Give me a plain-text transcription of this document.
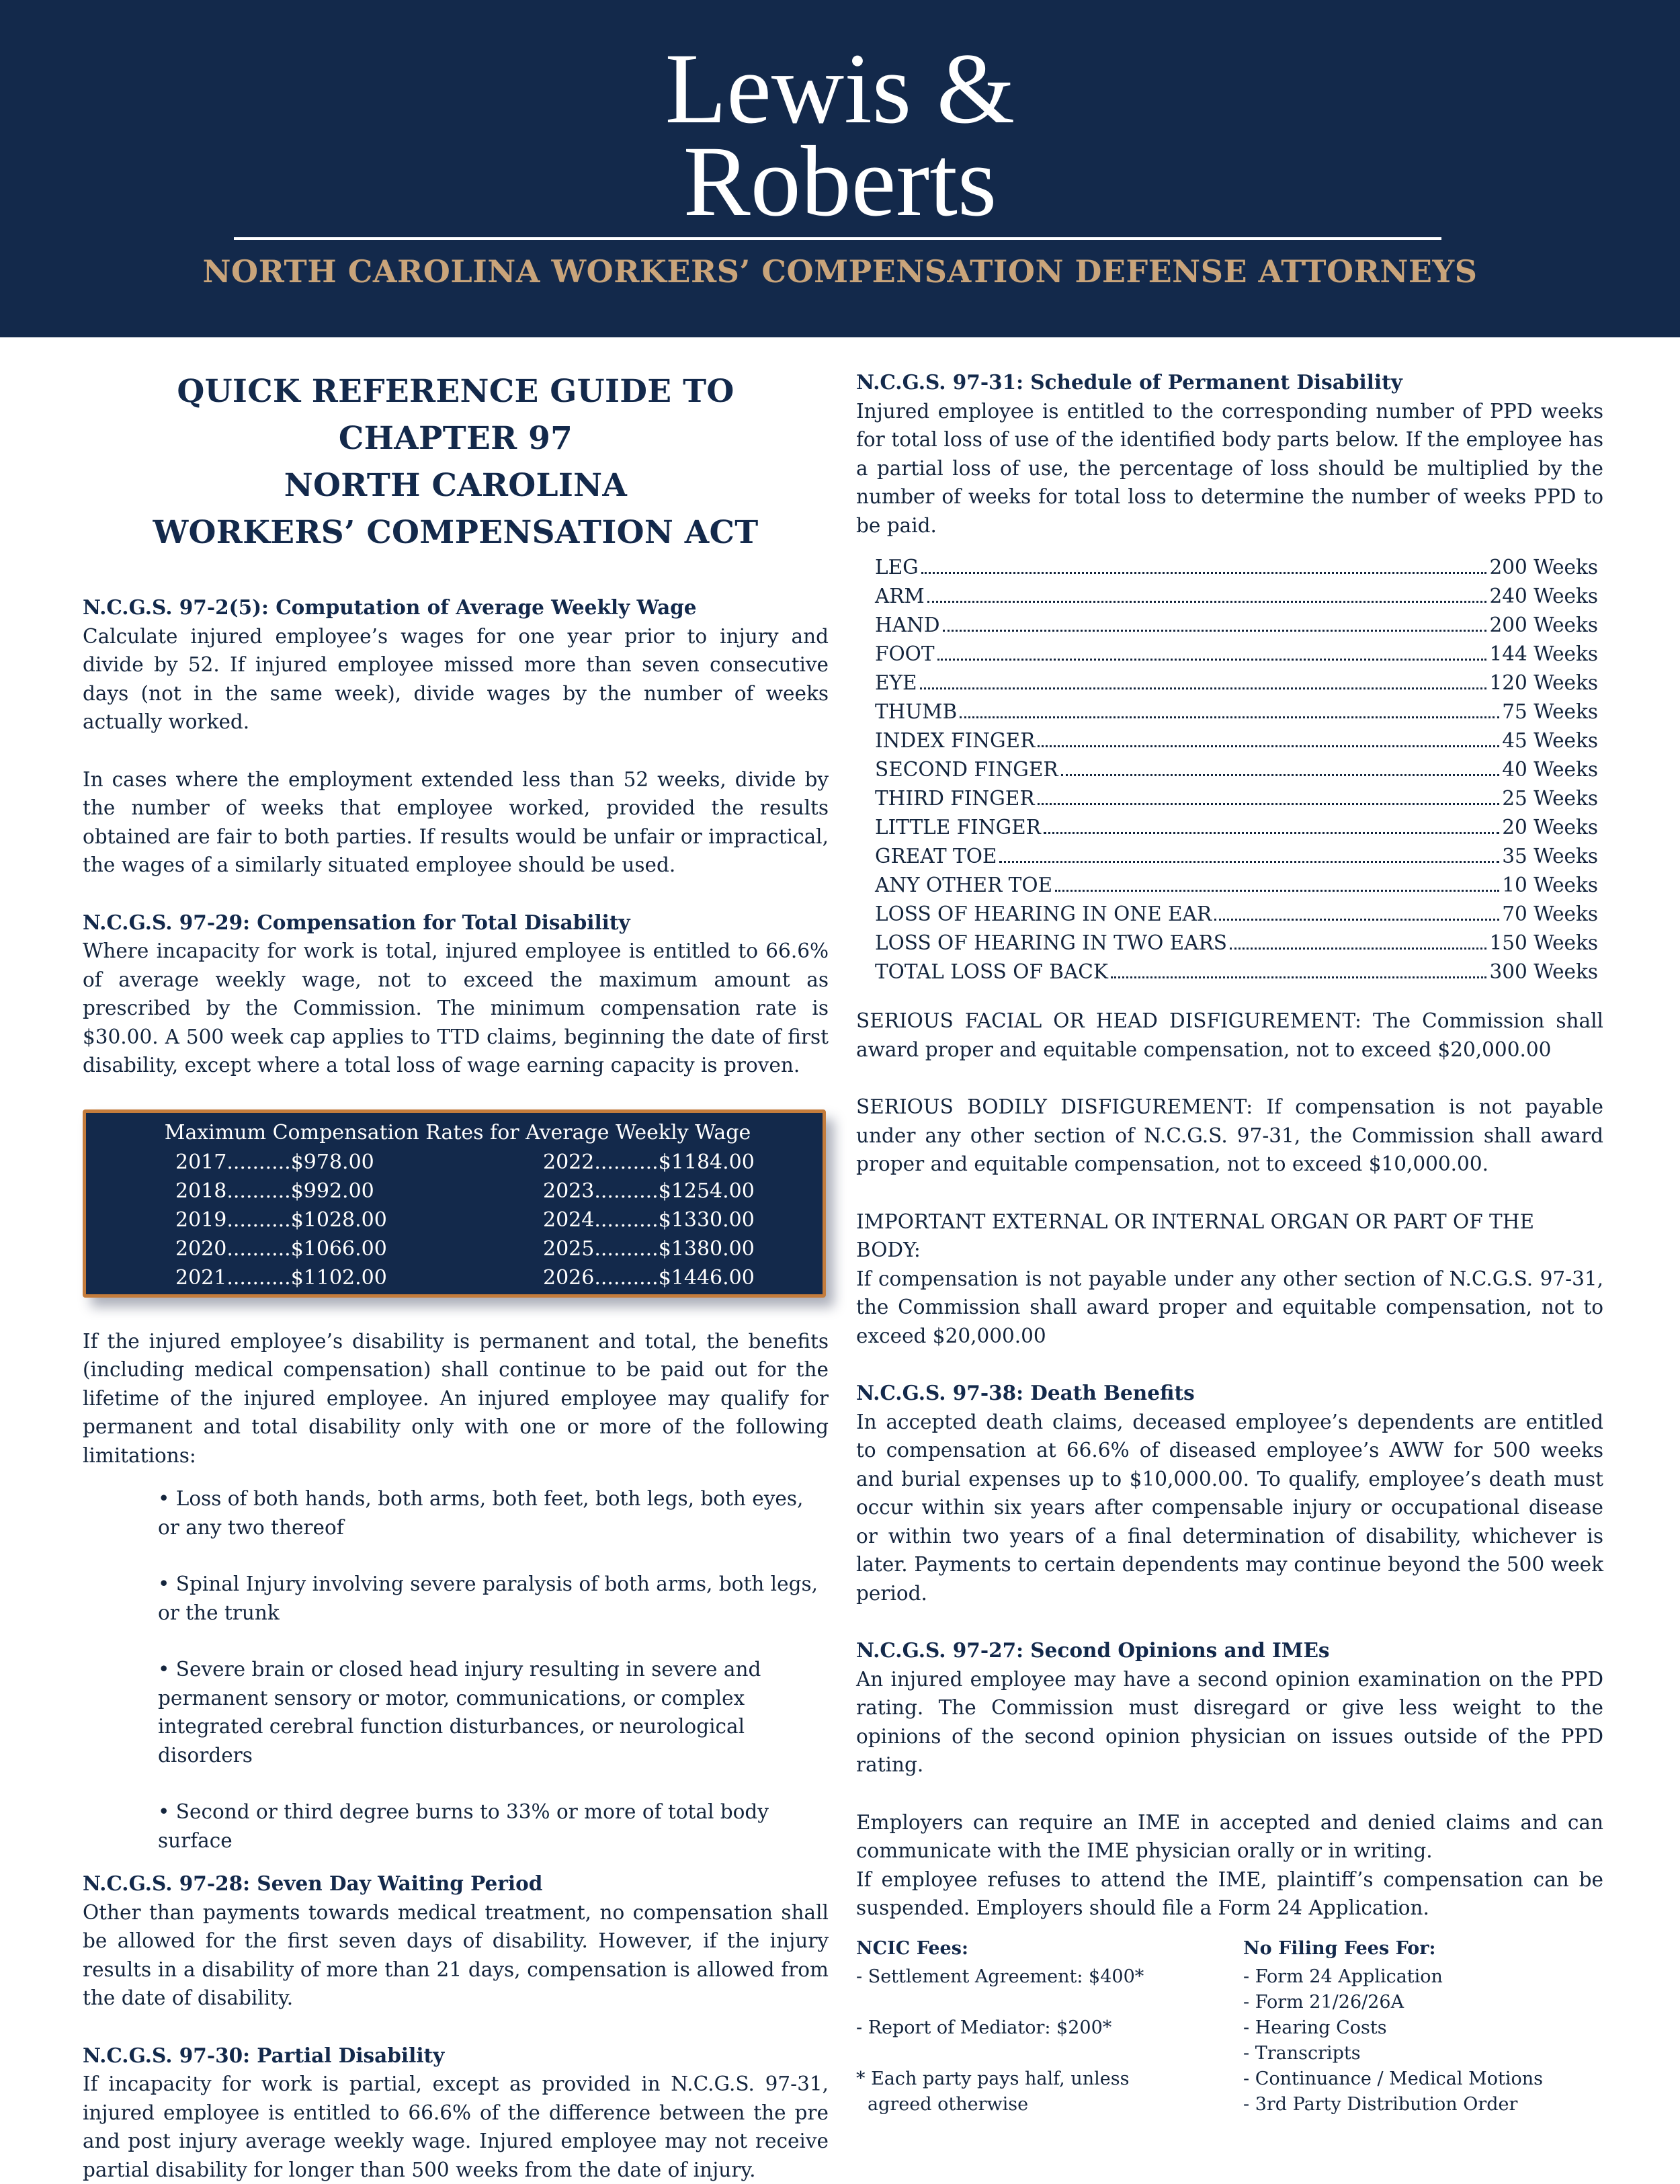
Lewis &
Roberts
NORTH CAROLINA WORKERS’ COMPENSATION DEFENSE ATTORNEYS
QUICK REFERENCE GUIDE TO CHAPTER 97
NORTH CAROLINA
WORKERS’ COMPENSATION ACT

N.C.G.S. 97-2(5): Computation of Average Weekly Wage

Calculate injured employee’s wages for one year prior to injury and divide by 52. If injured employee missed more than seven consecutive days (not in the same week), divide wages by the number of weeks actually worked.

In cases where the employment extended less than 52 weeks, divide by the number of weeks that employee worked, provided the results obtained are fair to both parties. If results would be unfair or impractical, the wages of a similarly situated employee should be used.

N.C.G.S. 97-29: Compensation for Total Disability

Where incapacity for work is total, injured employee is entitled to 66.6% of average weekly wage, not to exceed the maximum amount as prescribed by the Commission. The minimum compensation rate is $30.00. A 500 week cap applies to TTD claims, beginning the date of first disability, except where a total loss of wage earning capacity is proven.

Maximum Compensation Rates for Average Weekly Wage
2017..........$978.00
2018..........$992.00
2019..........$1028.00
2020..........$1066.00
2021..........$1102.00
2022..........$1184.00
2023..........$1254.00
2024..........$1330.00
2025..........$1380.00
2026..........$1446.00

If the injured employee’s disability is permanent and total, the benefits (including medical compensation) shall continue to be paid out for the lifetime of the injured employee. An injured employee may qualify for permanent and total disability only with one or more of the following limitations:

• Loss of both hands, both arms, both feet, both legs, both eyes, or any two thereof
• Spinal Injury involving severe paralysis of both arms, both legs, or the trunk
• Severe brain or closed head injury resulting in severe and permanent sensory or motor, communications, or complex integrated cerebral function disturbances, or neurological disorders
• Second or third degree burns to 33% or more of total body surface

N.C.G.S. 97-28: Seven Day Waiting Period

Other than payments towards medical treatment, no compensation shall be allowed for the first seven days of disability. However, if the injury results in a disability of more than 21 days, compensation is allowed from the date of disability.

N.C.G.S. 97-30: Partial Disability

If incapacity for work is partial, except as provided in N.C.G.S. 97-31, injured employee is entitled to 66.6% of the difference between the pre and post injury average weekly wage. Injured employee may not receive partial disability for longer than 500 weeks from the date of injury.

N.C.G.S. 97-31: Schedule of Permanent Disability

Injured employee is entitled to the corresponding number of PPD weeks for total loss of use of the identified body parts below. If the employee has a partial loss of use, the percentage of loss should be multiplied by the number of weeks for total loss to determine the number of weeks PPD to be paid.

LEG	200 Weeks
ARM	240 Weeks
HAND	200 Weeks
FOOT	144 Weeks
EYE	120 Weeks
THUMB	75 Weeks
INDEX FINGER	45 Weeks
SECOND FINGER	40 Weeks
THIRD FINGER	25 Weeks
LITTLE FINGER	20 Weeks
GREAT TOE	35 Weeks
ANY OTHER TOE	10 Weeks
LOSS OF HEARING IN ONE EAR	70 Weeks
LOSS OF HEARING IN TWO EARS	150 Weeks
TOTAL LOSS OF BACK	300 Weeks

SERIOUS FACIAL OR HEAD DISFIGUREMENT: The Commission shall award proper and equitable compensation, not to exceed $20,000.00

SERIOUS BODILY DISFIGUREMENT: If compensation is not payable under any other section of N.C.G.S. 97-31, the Commission shall award proper and equitable compensation, not to exceed $10,000.00.

IMPORTANT EXTERNAL OR INTERNAL ORGAN OR PART OF THE BODY:

If compensation is not payable under any other section of N.C.G.S. 97-31, the Commission shall award proper and equitable compensation, not to exceed $20,000.00

N.C.G.S. 97-38: Death Benefits

In accepted death claims, deceased employee’s dependents are entitled to compensation at 66.6% of diseased employee’s AWW for 500 weeks and burial expenses up to $10,000.00. To qualify, employee’s death must occur within six years after compensable injury or occupational disease or within two years of a final determination of disability, whichever is later. Payments to certain dependents may continue beyond the 500 week period.

N.C.G.S. 97-27: Second Opinions and IMEs

An injured employee may have a second opinion examination on the PPD rating. The Commission must disregard or give less weight to the opinions of the second opinion physician on issues outside of the PPD rating.

Employers can require an IME in accepted and denied claims and can communicate with the IME physician orally or in writing.

If employee refuses to attend the IME, plaintiff’s compensation can be suspended. Employers should file a Form 24 Application.

NCIC Fees:
- Settlement Agreement: $400*
- Report of Mediator: $200*
* Each party pays half, unless
agreed otherwise
No Filing Fees For:
- Form 24 Application
- Form 21/26/26A
- Hearing Costs
- Transcripts
- Continuance / Medical Motions
- 3rd Party Distribution Order
